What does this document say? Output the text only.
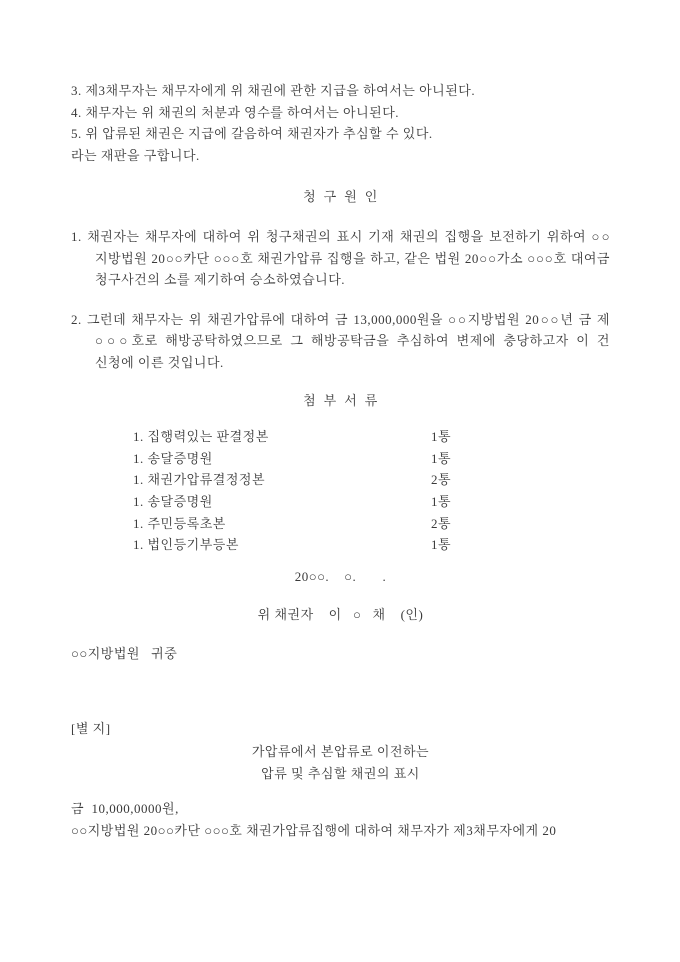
3. 제3채무자는 채무자에게 위 채권에 관한 지급을 하여서는 아니된다.
4. 채무자는 위 채권의 처분과 영수를 하여서는 아니된다.
5. 위 압류된 채권은 지급에 갈음하여 채권자가 추심할 수 있다.
라는 재판을 구합니다.
청  구  원  인
1. 채권자는 채무자에 대하여 위 청구채권의 표시 기재 채권의 집행을 보전하기 위하여 ○○지방법원 20○○카단 ○○○호 채권가압류 집행을 하고, 같은 법원 20○○가소 ○○○호 대여금 청구사건의 소를 제기하여 승소하였습니다.
2. 그런데 채무자는 위 채권가압류에 대하여 금 13,000,000원을 ○○지방법원 20○○년 금 제○○○호로 해방공탁하였으므로 그 해방공탁금을 추심하여 변제에 충당하고자 이 건 신청에 이른 것입니다.
첨  부  서  류
1. 집행력있는 판결정본	1통
1. 송달증명원	1통
1. 채권가압류결정정본	2통
1. 송달증명원	1통
1. 주민등록초본	2통
1. 법인등기부등본	1통
20○○.    ○.       .
위 채권자    이   ○   채    (인)
○○지방법원   귀중
[별 지]
가압류에서 본압류로 이전하는
압류 및 추심할 채권의 표시
금  10,000,0000원,
○○지방법원 20○○카단 ○○○호 채권가압류집행에 대하여 채무자가 제3채무자에게 20
